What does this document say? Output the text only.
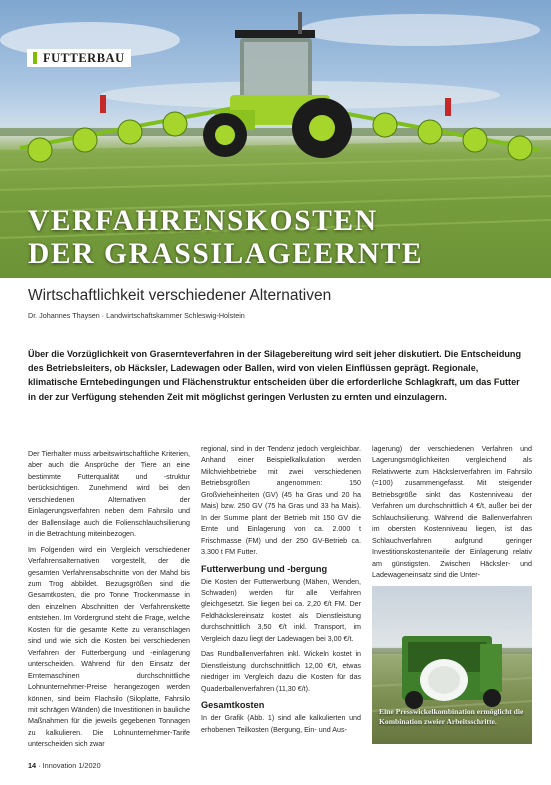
FUTTERBAU
VERFAHRENSKOSTEN
DER GRASSILAGEERNTE
Wirtschaftlichkeit verschiedener Alternativen

Dr. Johannes Thaysen · Landwirtschaftskammer Schleswig-Holstein

Über die Vorzüglichkeit von Graserntеverfahren in der Silagebereitung wird seit jeher diskutiert. Die Entscheidung des Betriebsleiters, ob Häcksler, Ladewagen oder Ballen, wird von vielen Einflüssen geprägt. Regionale, klimatische Erntebedingungen und Flächenstruktur entscheiden über die erforderliche Schlagkraft, um das Futter in der zur Verfügung stehenden Zeit mit möglichst geringen Verlusten zu ernten und einzulagern.

Der Tierhalter muss arbeitswirtschaftliche Kriterien, aber auch die Ansprüche der Tiere an eine bestimmte Futterqualität und -struktur berücksichtigen. Zunehmend wird bei den verschiedenen Alternativen der Einlagerungsverfahren neben dem Fahrsilo und der Ballensilage auch die Folienschlauchsilierung in die Betrachtung miteinbezogen.

Im Folgenden wird ein Vergleich verschiedener Verfahrensalternativen vorgestellt, der die gesamten Verfahrensabschnitte von der Mahd bis zum Trog abbildet. Bezugsgrößen sind die Gesamtkosten, die pro Tonne Trockenmasse in den einzelnen Abschnitten der Verfahrenskette entstehen. Im Vordergrund steht die Frage, welche Kosten für die gesamte Kette zu veranschlagen sind und wie sich die Kosten bei verschiedenen Verfahren der Futterbergung und -einlagerung unterscheiden. Während für den Einsatz der Erntemaschinen durchschnittliche Lohnunternehmer-Preise herangezogen werden können, sind beim Flachsilo (Siloplatte, Fahrsilo mit schrägen Wänden) die Investitionen in bauliche Maßnahmen für die jeweils gegebenen Tonnagen zu kalkulieren. Die Lohnunternehmer-Tarife unterscheiden sich zwar

regional, sind in der Tendenz jedoch vergleichbar. Anhand einer Beispielkalkulation werden Milchviehbetriebe mit zwei verschiedenen Betriebsgrößen angenommen: 150 Großvieheinheiten (GV) (45 ha Gras und 20 ha Mais) bzw. 250 GV (75 ha Gras und 33 ha Mais). In der Summe plant der Betrieb mit 150 GV die Ernte und Einlagerung von ca. 2.000 t Frischmasse (FM) und der 250 GV-Betrieb ca. 3.300 t FM Futter.

Futterwerbung und -bergung

Die Kosten der Futterwerbung (Mähen, Wenden, Schwaden) werden für alle Verfahren gleichgesetzt. Sie liegen bei ca. 2,20 €/t FM. Der Feldhäckslereinsatz kostet als Dienstleistung durchschnittlich 3,50 €/t inkl. Transport, im Vergleich dazu liegt der Ladewagen bei 3,00 €/t.

Das Rundballenverfahren inkl. Wickeln kostet in Dienstleistung durchschnittlich 12,00 €/t, etwas niedriger im Vergleich dazu die Kosten für das Quaderballenverfahren (11,30 €/t).

Gesamtkosten

In der Grafik (Abb. 1) sind alle kalkulierten und erhobenen Teilkosten (Bergung, Ein- und Aus-

lagerung) der verschiedenen Verfahren und Lagerungsmöglichkeiten vergleichend als Relativwerte zum Häckslerverfahren im Fahrsilo (=100) zusammengefasst. Mit steigender Betriebsgröße sinkt das Kostenniveau der Verfahren um durchschnittlich 4 €/t, außer bei der Schlauchsilierung. Während die Ballenverfahren im obersten Kostenniveau liegen, ist das Schlauchverfahren aufgrund geringer Investitionskostenanteile der Einlagerung relativ am günstigsten. Zwischen Häcksler- und Ladewageneinsatz sind die Unter-

Eine Presswickelkombination ermöglicht die Kombination zweier Arbeitsschritte.

14 · Innovation 1/2020
